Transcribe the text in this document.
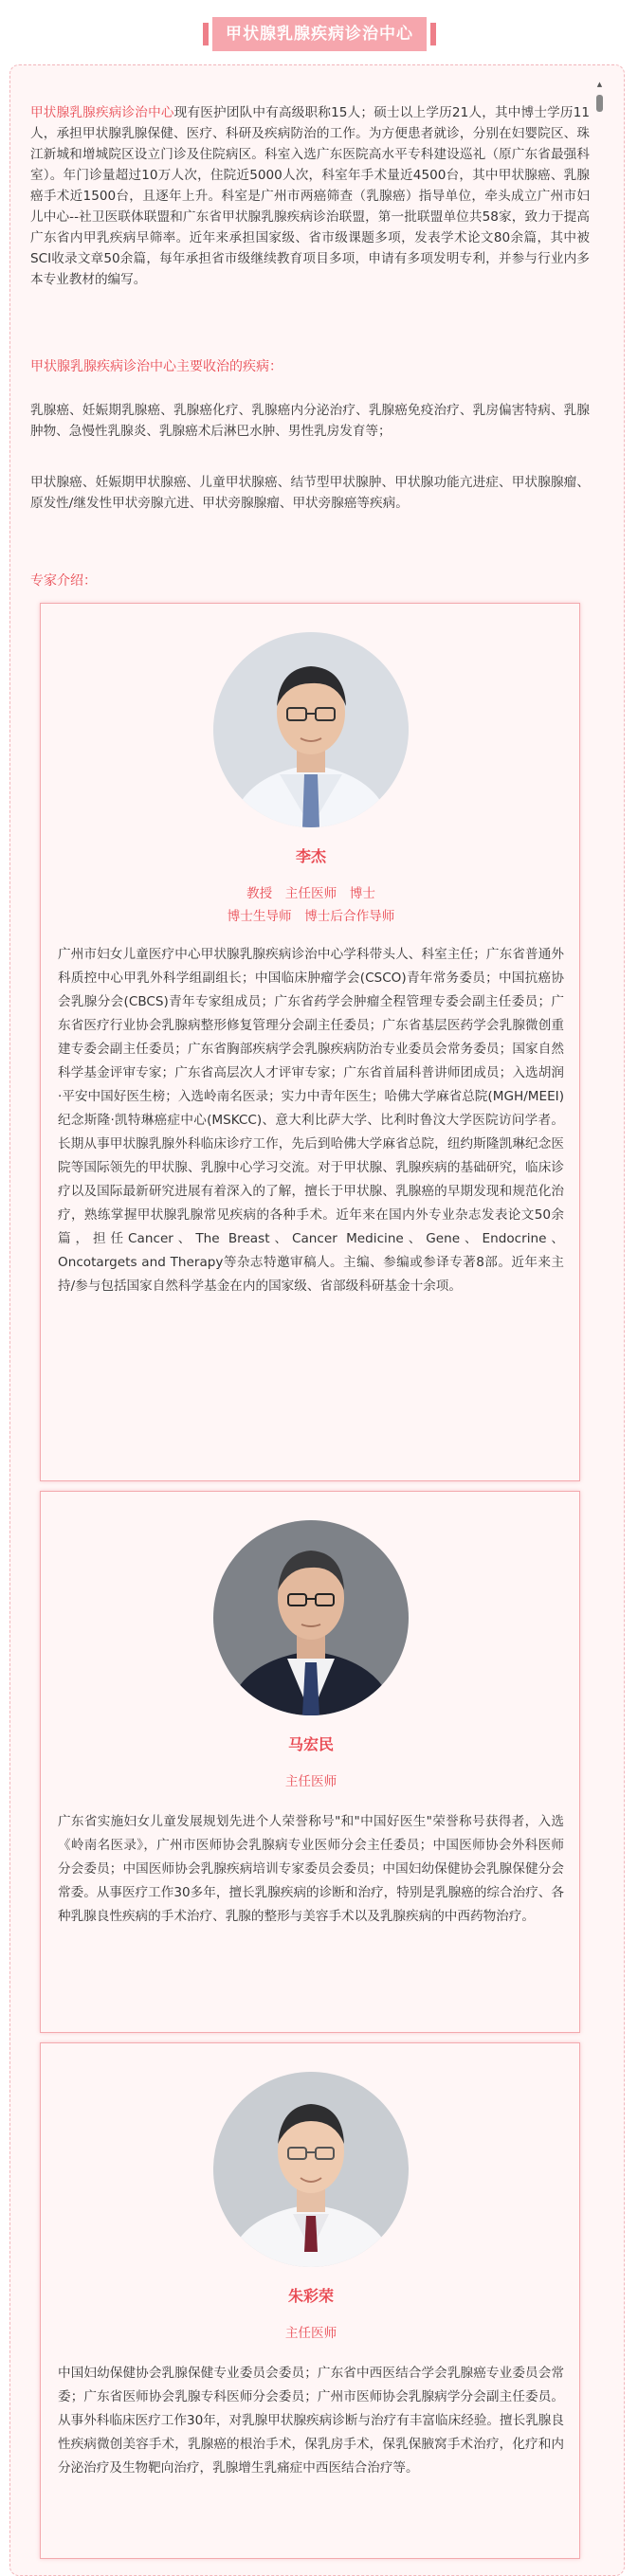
甲状腺乳腺疾病诊治中心
▲

甲状腺乳腺疾病诊治中心现有医护团队中有高级职称15人；硕士以上学历21人，其中博士学历11人，承担甲状腺乳腺保健、医疗、科研及疾病防治的工作。为方便患者就诊，分别在妇婴院区、珠江新城和增城院区设立门诊及住院病区。科室入选广东医院高水平专科建设巡礼（原广东省最强科室）。年门诊量超过10万人次，住院近5000人次，科室年手术量近4500台，其中甲状腺癌、乳腺癌手术近1500台，且逐年上升。科室是广州市两癌筛查（乳腺癌）指导单位，牵头成立广州市妇儿中心--社卫医联体联盟和广东省甲状腺乳腺疾病诊治联盟，第一批联盟单位共58家，致力于提高广东省内甲乳疾病早筛率。近年来承担国家级、省市级课题多项，发表学术论文80余篇，其中被SCI收录文章50余篇，每年承担省市级继续教育项目多项，申请有多项发明专利，并参与行业内多本专业教材的编写。

甲状腺乳腺疾病诊治中心主要收治的疾病：

乳腺癌、妊娠期乳腺癌、乳腺癌化疗、乳腺癌内分泌治疗、乳腺癌免疫治疗、乳房偏害特病、乳腺肿物、急慢性乳腺炎、乳腺癌术后淋巴水肿、男性乳房发育等；

甲状腺癌、妊娠期甲状腺癌、儿童甲状腺癌、结节型甲状腺肿、甲状腺功能亢进症、甲状腺腺瘤、原发性/继发性甲状旁腺亢进、甲状旁腺腺瘤、甲状旁腺癌等疾病。

专家介绍：

李杰

教授　主任医师　博士
博士生导师　博士后合作导师

广州市妇女儿童医疗中心甲状腺乳腺疾病诊治中心学科带头人、科室主任；广东省普通外科质控中心甲乳外科学组副组长；中国临床肿瘤学会(CSCO)青年常务委员；中国抗癌协会乳腺分会(CBCS)青年专家组成员；广东省药学会肿瘤全程管理专委会副主任委员；广东省医疗行业协会乳腺病整形修复管理分会副主任委员；广东省基层医药学会乳腺微创重建专委会副主任委员；广东省胸部疾病学会乳腺疾病防治专业委员会常务委员；国家自然科学基金评审专家；广东省高层次人才评审专家；广东省首届科普讲师团成员；入选胡润·平安中国好医生榜；入选岭南名医录；实力中青年医生；哈佛大学麻省总院(MGH/MEEI)纪念斯隆·凯特琳癌症中心(MSKCC)、意大利比萨大学、比利时鲁汶大学医院访问学者。长期从事甲状腺乳腺外科临床诊疗工作，先后到哈佛大学麻省总院，纽约斯隆凯琳纪念医院等国际领先的甲状腺、乳腺中心学习交流。对于甲状腺、乳腺疾病的基础研究，临床诊疗以及国际最新研究进展有着深入的了解，擅长于甲状腺、乳腺癌的早期发现和规范化治疗，熟练掌握甲状腺乳腺常见疾病的各种手术。近年来在国内外专业杂志发表论文50余篇，担任Cancer、The Breast、Cancer Medicine、Gene、Endocrine、Oncotargets and Therapy等杂志特邀审稿人。主编、参编或参译专著8部。近年来主持/参与包括国家自然科学基金在内的国家级、省部级科研基金十余项。

马宏民

主任医师

广东省实施妇女儿童发展规划先进个人荣誉称号"和"中国好医生"荣誉称号获得者，入选《岭南名医录》，广州市医师协会乳腺病专业医师分会主任委员；中国医师协会外科医师分会委员；中国医师协会乳腺疾病培训专家委员会委员；中国妇幼保健协会乳腺保健分会常委。从事医疗工作30多年，擅长乳腺疾病的诊断和治疗，特别是乳腺癌的综合治疗、各种乳腺良性疾病的手术治疗、乳腺的整形与美容手术以及乳腺疾病的中西药物治疗。

朱彩荣

主任医师

中国妇幼保健协会乳腺保健专业委员会委员；广东省中西医结合学会乳腺癌专业委员会常委；广东省医师协会乳腺专科医师分会委员；广州市医师协会乳腺病学分会副主任委员。从事外科临床医疗工作30年，对乳腺甲状腺疾病诊断与治疗有丰富临床经验。擅长乳腺良性疾病微创美容手术，乳腺癌的根治手术，保乳房手术，保乳保腋窝手术治疗，化疗和内分泌治疗及生物靶向治疗，乳腺增生乳痛症中西医结合治疗等。
